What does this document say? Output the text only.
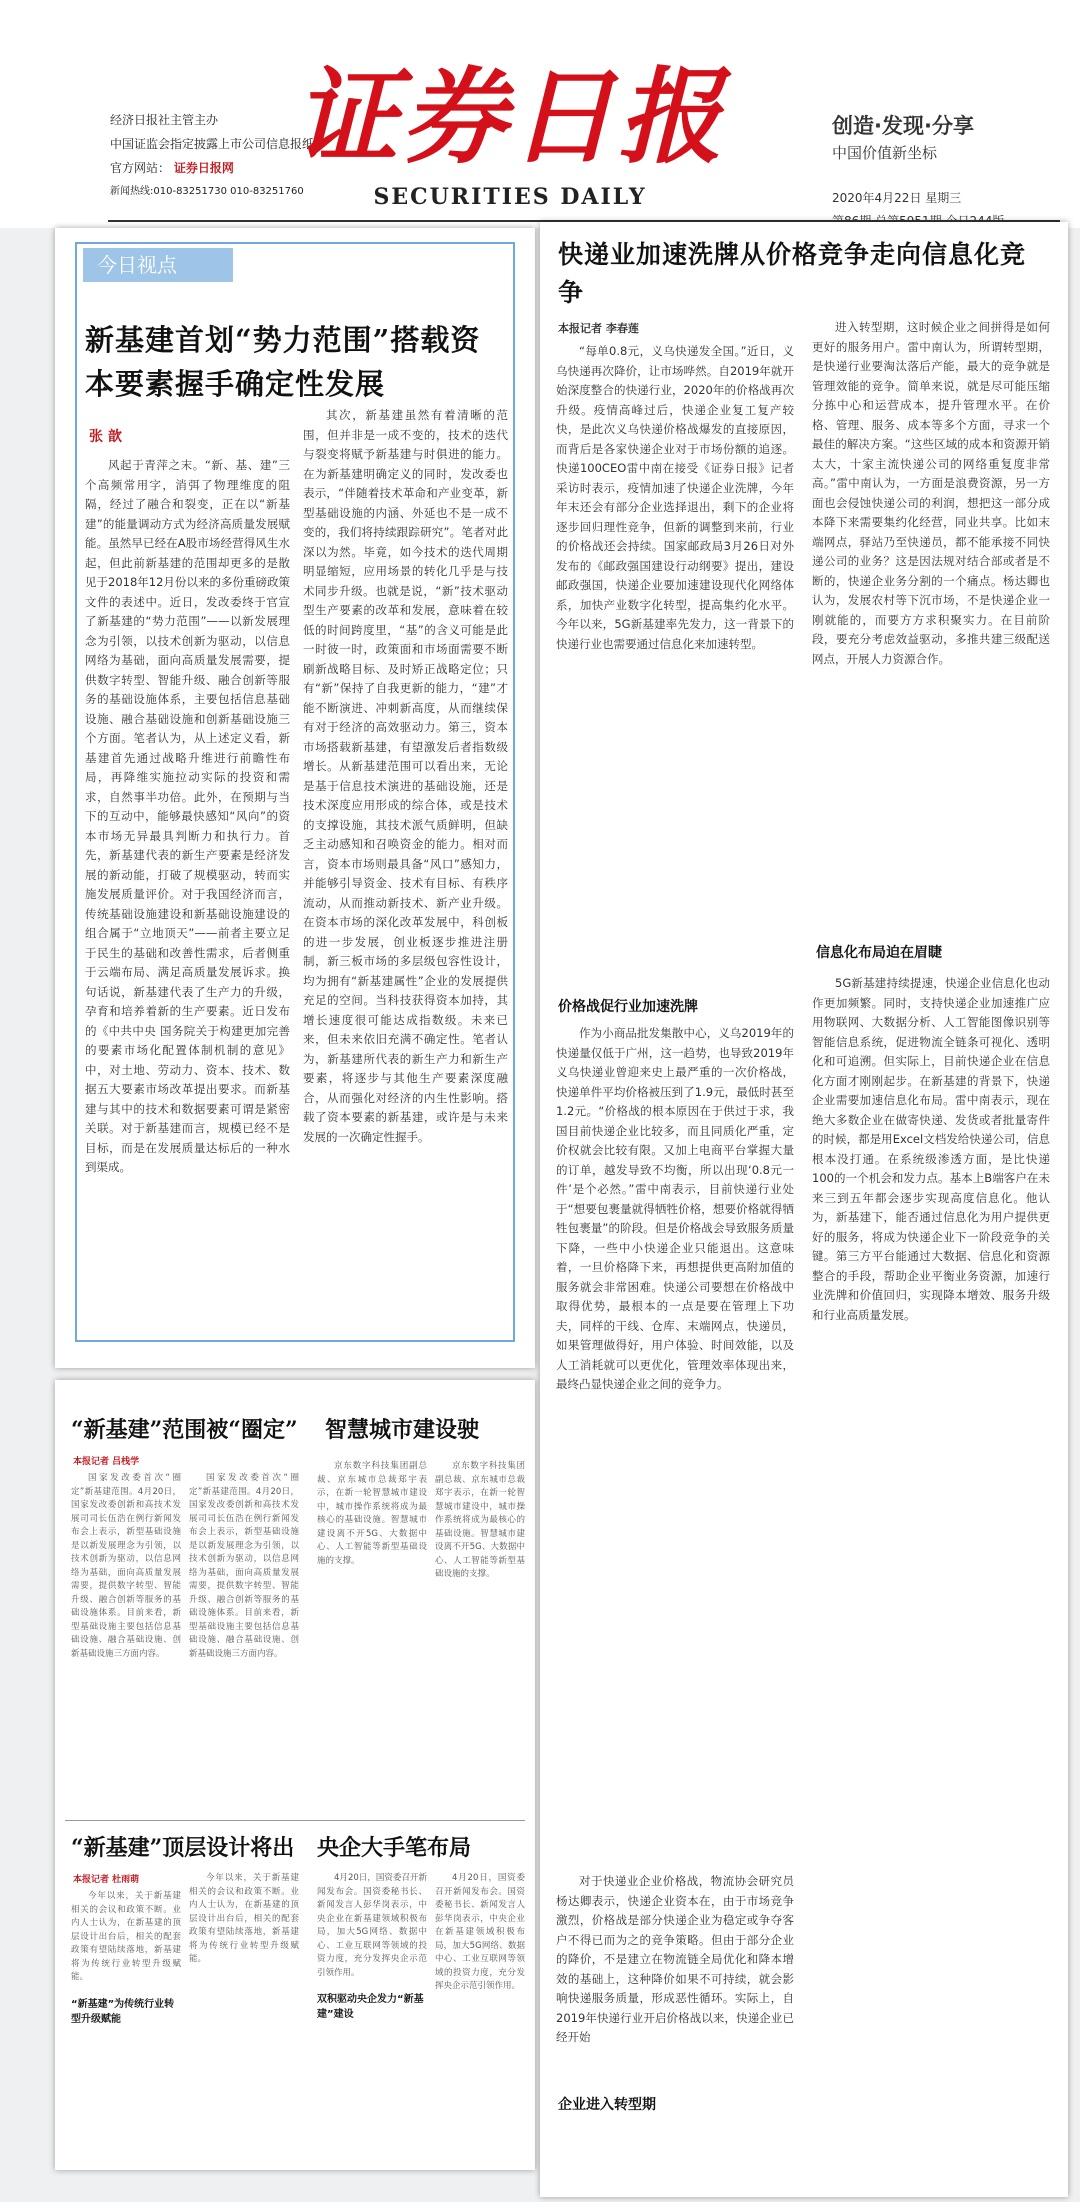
经济日报社主管主办
中国证监会指定披露上市公司信息报纸
官方网站： 证券日报网
新闻热线:010-83251730 010-83251760
证券日报
SECURITIES DAILY
创造·发现·分享
中国价值新坐标
2020年4月22日 星期三
今日视点
新基建首划“势力范围”搭载资本要素握手确定性发展
张 歆

风起于青萍之末。“新、基、建”三个高频常用字，消弭了物理维度的阻隔，经过了融合和裂变，正在以“新基建”的能量调动方式为经济高质量发展赋能。虽然早已经在A股市场经营得风生水起，但此前新基建的范围却更多的是散见于2018年12月份以来的多份重磅政策文件的表述中。近日，发改委终于官宣了新基建的“势力范围”——以新发展理念为引领，以技术创新为驱动，以信息网络为基础，面向高质量发展需要，提供数字转型、智能升级、融合创新等服务的基础设施体系，主要包括信息基础设施、融合基础设施和创新基础设施三个方面。笔者认为，从上述定义看，新基建首先通过战略升维进行前瞻性布局，再降维实施拉动实际的投资和需求，自然事半功倍。此外，在预期与当下的互动中，能够最快感知“风向”的资本市场无异最具判断力和执行力。首先，新基建代表的新生产要素是经济发展的新动能，打破了规模驱动，转而实施发展质量评价。对于我国经济而言，传统基础设施建设和新基础设施建设的组合属于“立地顶天”——前者主要立足于民生的基础和改善性需求，后者侧重于云端布局、满足高质量发展诉求。换句话说，新基建代表了生产力的升级，孕育和培养着新的生产要素。近日发布的《中共中央 国务院关于构建更加完善的要素市场化配置体制机制的意见》中，对土地、劳动力、资本、技术、数据五大要素市场改革提出要求。而新基建与其中的技术和数据要素可谓是紧密关联。对于新基建而言，规模已经不是目标，而是在发展质量达标后的一种水到渠成。

其次，新基建虽然有着清晰的范围，但并非是一成不变的，技术的迭代与裂变将赋予新基建与时俱进的能力。在为新基建明确定义的同时，发改委也表示，“伴随着技术革命和产业变革，新型基础设施的内涵、外延也不是一成不变的，我们将持续跟踪研究”。笔者对此深以为然。毕竟，如今技术的迭代周期明显缩短，应用场景的转化几乎是与技术同步升级。也就是说，“新”技术驱动型生产要素的改革和发展，意味着在较低的时间跨度里，“基”的含义可能是此一时彼一时，政策面和市场面需要不断刷新战略目标、及时矫正战略定位；只有“新”保持了自我更新的能力，“建”才能不断演进、冲刺新高度，从而继续保有对于经济的高效驱动力。第三，资本市场搭载新基建，有望激发后者指数级增长。从新基建范围可以看出来，无论是基于信息技术演进的基础设施，还是技术深度应用形成的综合体，或是技术的支撑设施，其技术派气质鲜明，但缺乏主动感知和召唤资金的能力。相对而言，资本市场则最具备“风口”感知力，并能够引导资金、技术有目标、有秩序流动，从而推动新技术、新产业升级。在资本市场的深化改革发展中，科创板的进一步发展，创业板逐步推进注册制，新三板市场的多层级包容性设计，均为拥有“新基建属性”企业的发展提供充足的空间。当科技获得资本加持，其增长速度很可能达成指数级。未来已来，但未来依旧充满不确定性。笔者认为，新基建所代表的新生产力和新生产要素，将逐步与其他生产要素深度融合，从而强化对经济的内生性影响。搭载了资本要素的新基建，或许是与未来发展的一次确定性握手。

“新基建”范围被“圈定” 智慧城市建设驶
本报记者 吕栈学

国家发改委首次“圈定”新基建范围。4月20日，国家发改委创新和高技术发展司司长伍浩在例行新闻发布会上表示，新型基础设施是以新发展理念为引领，以技术创新为驱动，以信息网络为基础，面向高质量发展需要，提供数字转型、智能升级、融合创新等服务的基础设施体系。目前来看，新型基础设施主要包括信息基础设施、融合基础设施、创新基础设施三方面内容。

国家发改委首次“圈定”新基建范围。4月20日，国家发改委创新和高技术发展司司长伍浩在例行新闻发布会上表示，新型基础设施是以新发展理念为引领，以技术创新为驱动，以信息网络为基础，面向高质量发展需要，提供数字转型、智能升级、融合创新等服务的基础设施体系。目前来看，新型基础设施主要包括信息基础设施、融合基础设施、创新基础设施三方面内容。

京东数字科技集团副总裁、京东城市总裁郑宇表示，在新一轮智慧城市建设中，城市操作系统将成为最核心的基础设施。智慧城市建设离不开5G、大数据中心、人工智能等新型基础设施的支撑。

京东数字科技集团副总裁、京东城市总裁郑宇表示，在新一轮智慧城市建设中，城市操作系统将成为最核心的基础设施。智慧城市建设离不开5G、大数据中心、人工智能等新型基础设施的支撑。

“新基建”顶层设计将出 央企大手笔布局
本报记者 杜雨萌

今年以来，关于新基建相关的会议和政策不断。业内人士认为，在新基建的顶层设计出台后，相关的配套政策有望陆续落地，新基建将为传统行业转型升级赋能。

“新基建”为传统行业转型升级赋能

今年以来，关于新基建相关的会议和政策不断。业内人士认为，在新基建的顶层设计出台后，相关的配套政策有望陆续落地，新基建将为传统行业转型升级赋能。

4月20日，国资委召开新闻发布会。国资委秘书长、新闻发言人彭华岗表示，中央企业在新基建领域积极布局，加大5G网络、数据中心、工业互联网等领域的投资力度，充分发挥央企示范引领作用。

双积驱动央企发力“新基建”建设

4月20日，国资委召开新闻发布会。国资委秘书长、新闻发言人彭华岗表示，中央企业在新基建领域积极布局，加大5G网络、数据中心、工业互联网等领域的投资力度，充分发挥央企示范引领作用。

快递业加速洗牌从价格竞争走向信息化竞争
本报记者 李春莲

“每单0.8元，义乌快递发全国。”近日，义乌快递再次降价，让市场哗然。自2019年就开始深度整合的快递行业，2020年的价格战再次升级。疫情高峰过后，快递企业复工复产较快，是此次义乌快递价格战爆发的直接原因，而背后是各家快递企业对于市场份额的追逐。快递100CEO雷中南在接受《证券日报》记者采访时表示，疫情加速了快递企业洗牌，今年年末还会有部分企业选择退出，剩下的企业将逐步回归理性竞争，但新的调整到来前，行业的价格战还会持续。国家邮政局3月26日对外发布的《邮政强国建设行动纲要》提出，建设邮政强国，快递企业要加速建设现代化网络体系，加快产业数字化转型，提高集约化水平。今年以来，5G新基建率先发力，这一背景下的快递行业也需要通过信息化来加速转型。

价格战促行业加速洗牌

作为小商品批发集散中心，义乌2019年的快递量仅低于广州，这一趋势，也导致2019年义乌快递业曾迎来史上最严重的一次价格战，快递单件平均价格被压到了1.9元，最低时甚至1.2元。“价格战的根本原因在于供过于求，我国目前快递企业比较多，而且同质化严重，定价权就会比较有限。又加上电商平台掌握大量的订单，越发导致不均衡，所以出现‘0.8元一件’是个必然。”雷中南表示，目前快递行业处于“想要包裹量就得牺牲价格，想要价格就得牺牲包裹量”的阶段。但是价格战会导致服务质量下降，一些中小快递企业只能退出。这意味着，一旦价格降下来，再想提供更高附加值的服务就会非常困难。快递公司要想在价格战中取得优势，最根本的一点是要在管理上下功夫，同样的干线、仓库、末端网点，快递员，如果管理做得好，用户体验、时间效能，以及人工消耗就可以更优化，管理效率体现出来，最终凸显快递企业之间的竞争力。

对于快递业企业价格战，物流协会研究员杨达卿表示，快递企业资本在，由于市场竞争激烈，价格战是部分快递企业为稳定或争夺客户不得已而为之的竞争策略。但由于部分企业的降价，不是建立在物流链全局优化和降本增效的基础上，这种降价如果不可持续，就会影响快递服务质量，形成恶性循环。实际上，自2019年快递行业开启价格战以来，快递企业已经开始

企业进入转型期

进入转型期，这时候企业之间拼得是如何更好的服务用户。雷中南认为，所谓转型期，是快递行业要淘汰落后产能，最大的竞争就是管理效能的竞争。简单来说，就是尽可能压缩分拣中心和运营成本，提升管理水平。在价格、管理、服务、成本等多个方面，寻求一个最佳的解决方案。“这些区域的成本和资源开销太大，十家主流快递公司的网络重复度非常高。”雷中南认为，一方面是浪费资源，另一方面也会侵蚀快递公司的利润，想把这一部分成本降下来需要集约化经营，同业共享。比如末端网点，驿站乃至快递员，都不能承接不同快递公司的业务？这是因法规对结合部或者是不断的，快递企业务分割的一个痛点。杨达卿也认为，发展农村等下沉市场，不是快递企业一刚就能的，而要方方求积聚实力。在目前阶段，要充分考虑效益驱动，多推共建三级配送网点，开展人力资源合作。

信息化布局迫在眉睫

5G新基建持续提速，快递企业信息化也动作更加频繁。同时，支持快递企业加速推广应用物联网、大数据分析、人工智能图像识别等智能信息系统，促进物流全链条可视化、透明化和可追溯。但实际上，目前快递企业在信息化方面才刚刚起步。在新基建的背景下，快递企业需要加速信息化布局。雷中南表示，现在绝大多数企业在做寄快递、发货或者批量寄件的时候，都是用Excel文档发给快递公司，信息根本没打通。在系统级渗透方面，是比快递100的一个机会和发力点。基本上B端客户在未来三到五年都会逐步实现高度信息化。他认为，新基建下，能否通过信息化为用户提供更好的服务，将成为快递企业下一阶段竞争的关键。第三方平台能通过大数据、信息化和资源整合的手段，帮助企业平衡业务资源，加速行业洗牌和价值回归，实现降本增效、服务升级和行业高质量发展。
